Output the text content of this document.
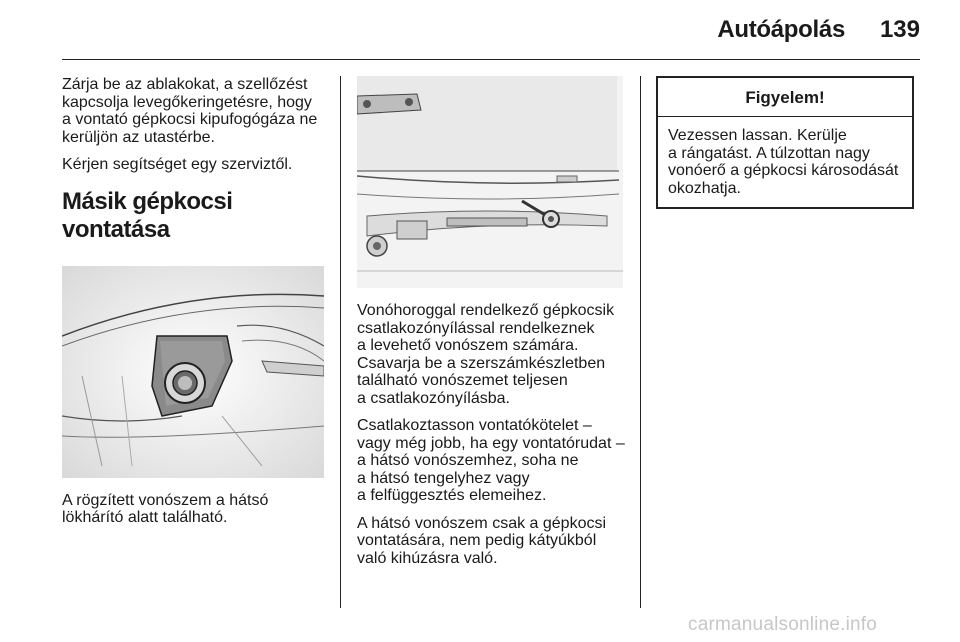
Autóápolás	139

Zárja be az ablakokat, a szellőzést
kapcsolja levegőkeringetésre, hogy
a vontató gépkocsi kipufogógáza ne
kerüljön az utastérbe.

Kérjen segítséget egy szerviztől.

Másik gépkocsi vontatása

A rögzített vonószem a hátsó
lökhárító alatt található.

Vonóhoroggal rendelkező gépkocsik
csatlakozónyílással rendelkeznek
a levehető vonószem számára.
Csavarja be a szerszámkészletben
található vonószemet teljesen
a csatlakozónyílásba.

Csatlakoztasson vontatókötelet –
vagy még jobb, ha egy vontatórudat –
a hátsó vonószemhez, soha ne
a hátsó tengelyhez vagy
a felfüggesztés elemeihez.

A hátsó vonószem csak a gépkocsi
vontatására, nem pedig kátyúkból
való kihúzásra való.

Figyelem!
Vezessen lassan. Kerülje
a rángatást. A túlzottan nagy
vonóerő a gépkocsi károsodását
okozhatja.
carmanualsonline.info
